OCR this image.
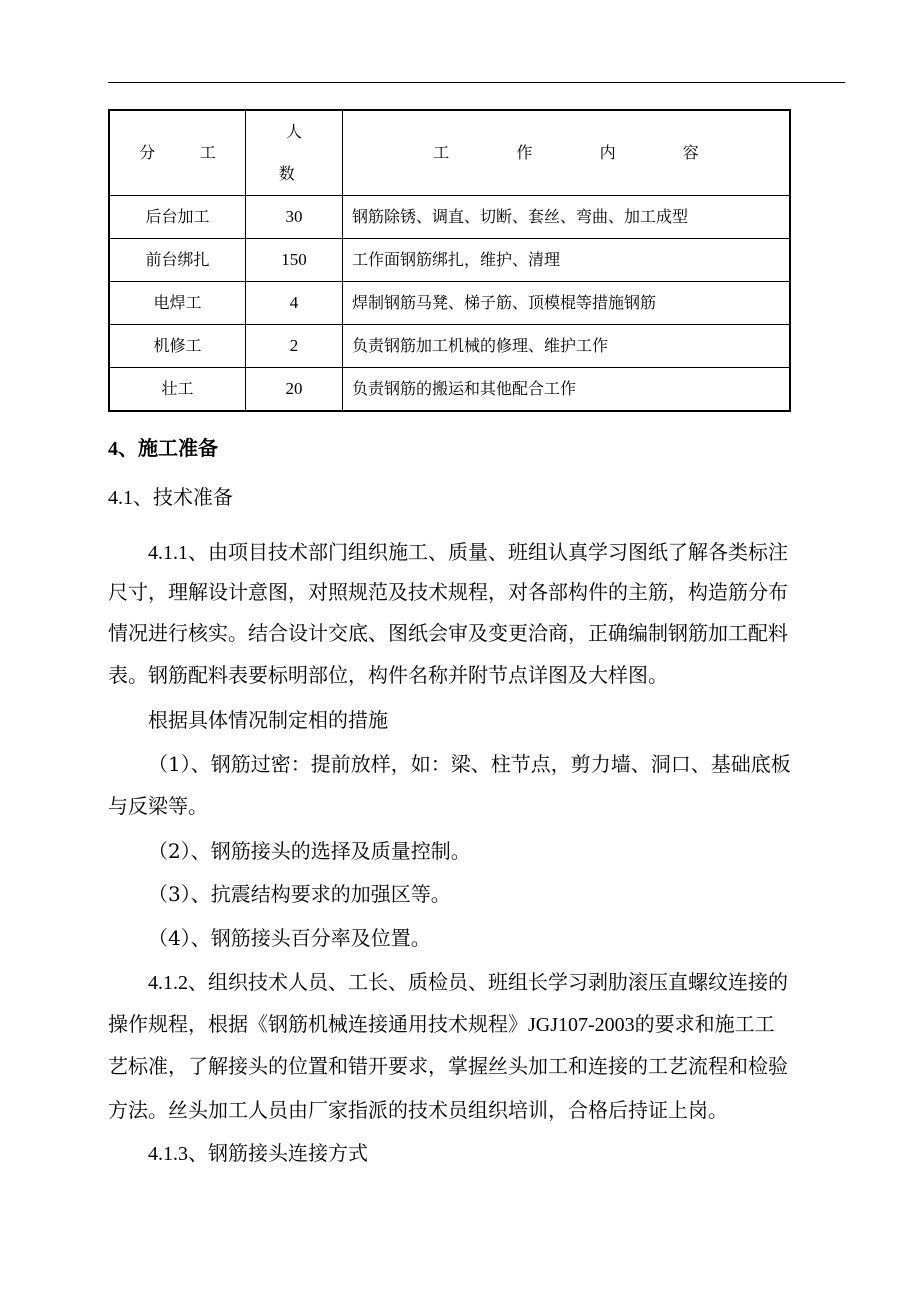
分　工	人　数	工　作　内　容
后台加工	30	钢筋除锈、调直、切断、套丝、弯曲、加工成型
前台绑扎	150	工作面钢筋绑扎，维护、清理
电焊工	4	焊制钢筋马凳、梯子筋、顶模棍等措施钢筋
机修工	2	负责钢筋加工机械的修理、维护工作
壮工	20	负责钢筋的搬运和其他配合工作
4、施工准备
4.1、技术准备
4.1.1、由项目技术部门组织施工、质量、班组认真学习图纸了解各类标注
尺寸，理解设计意图，对照规范及技术规程，对各部构件的主筋，构造筋分布
情况进行核实。结合设计交底、图纸会审及变更洽商，正确编制钢筋加工配料
表。钢筋配料表要标明部位，构件名称并附节点详图及大样图。
根据具体情况制定相的措施
（1）、钢筋过密：提前放样，如：梁、柱节点，剪力墙、洞口、基础底板
与反梁等。
（2）、钢筋接头的选择及质量控制。
（3）、抗震结构要求的加强区等。
（4）、钢筋接头百分率及位置。
4.1.2、组织技术人员、工长、质检员、班组长学习剥肋滚压直螺纹连接的
操作规程，根据《钢筋机械连接通用技术规程》JGJ107-2003的要求和施工工
艺标准，了解接头的位置和错开要求，掌握丝头加工和连接的工艺流程和检验
方法。丝头加工人员由厂家指派的技术员组织培训，合格后持证上岗。
4.1.3、钢筋接头连接方式
